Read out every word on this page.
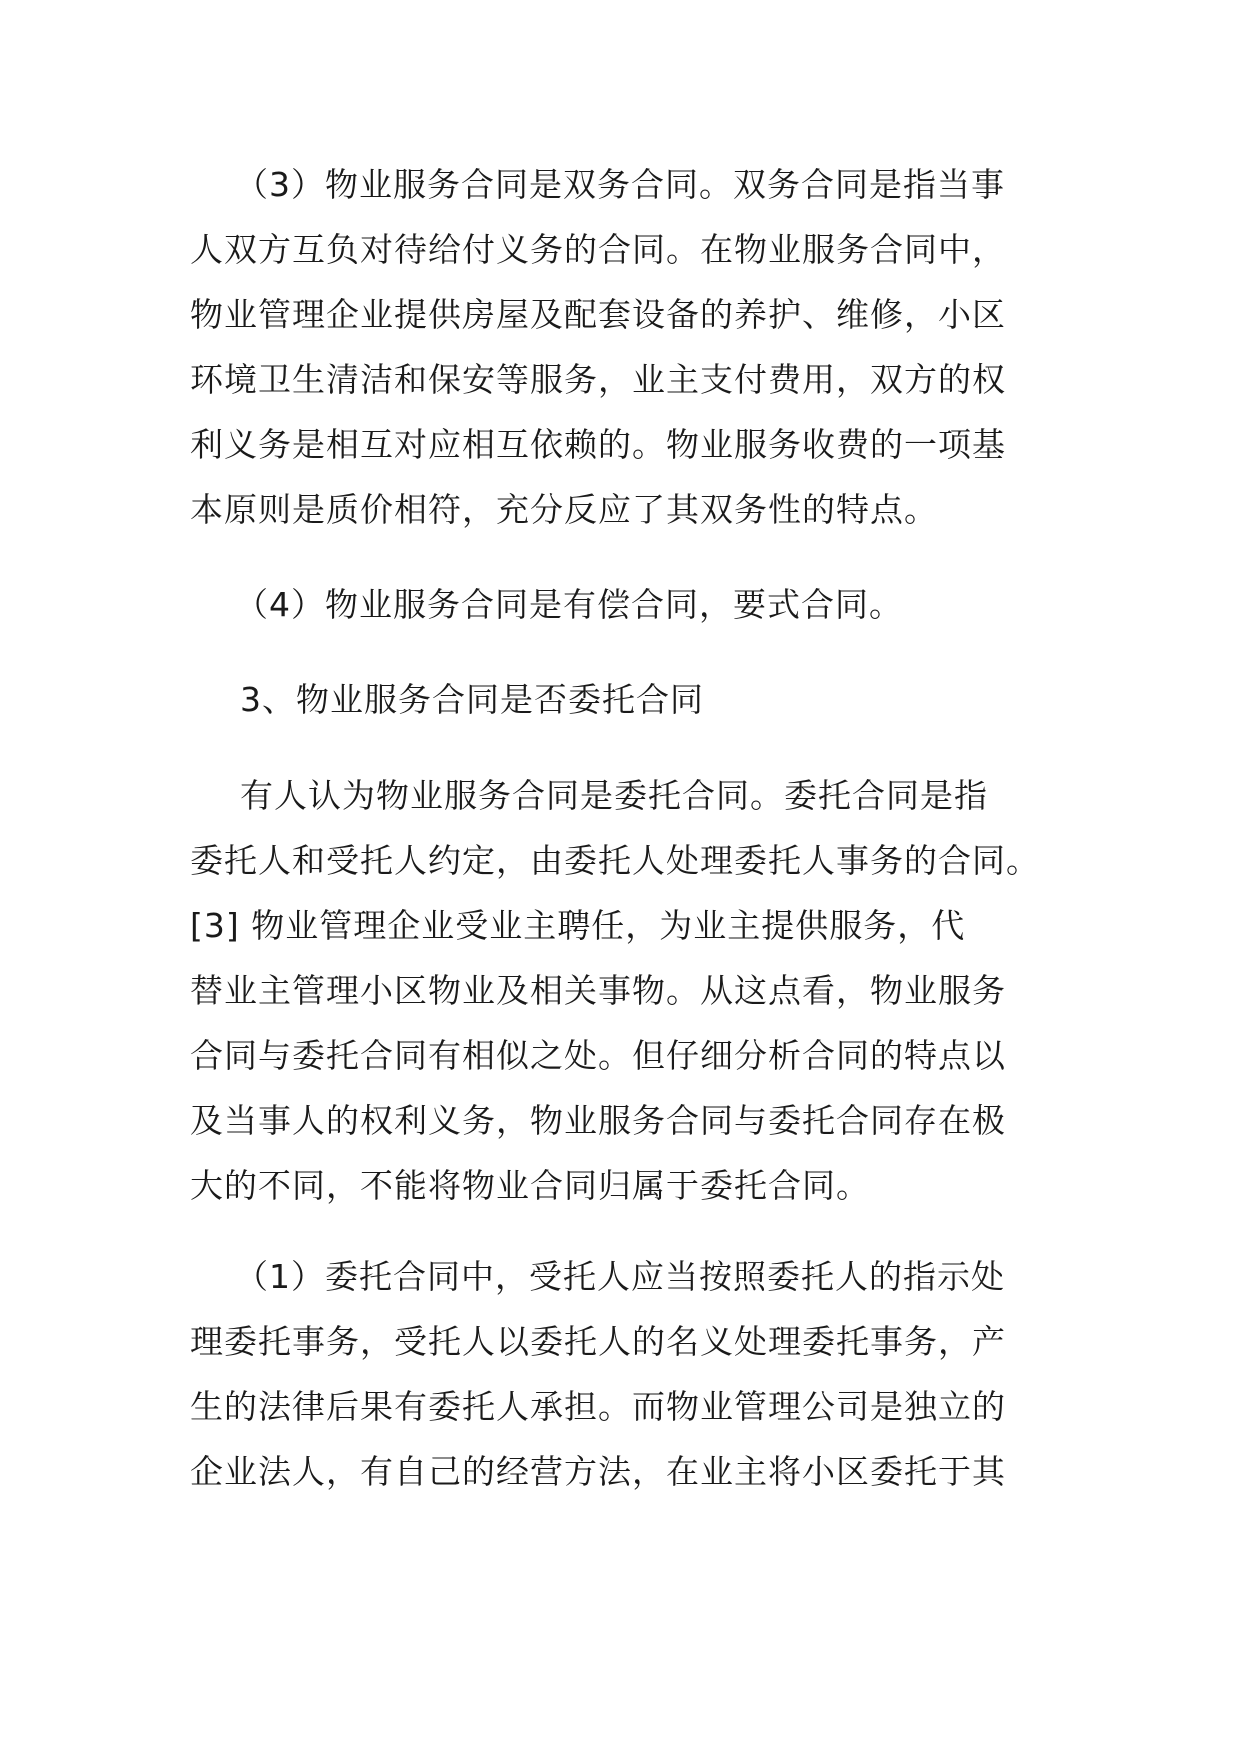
（3）物业服务合同是双务合同。双务合同是指当事
人双方互负对待给付义务的合同。在物业服务合同中，
物业管理企业提供房屋及配套设备的养护、维修，小区
环境卫生清洁和保安等服务，业主支付费用，双方的权
利义务是相互对应相互依赖的。物业服务收费的一项基
本原则是质价相符，充分反应了其双务性的特点。
（4）物业服务合同是有偿合同，要式合同。
3、物业服务合同是否委托合同
有人认为物业服务合同是委托合同。委托合同是指
委托人和受托人约定，由委托人处理委托人事务的合同。
[3] 物业管理企业受业主聘任，为业主提供服务，代
替业主管理小区物业及相关事物。从这点看，物业服务
合同与委托合同有相似之处。但仔细分析合同的特点以
及当事人的权利义务，物业服务合同与委托合同存在极
大的不同，不能将物业合同归属于委托合同。
（1）委托合同中，受托人应当按照委托人的指示处
理委托事务，受托人以委托人的名义处理委托事务，产
生的法律后果有委托人承担。而物业管理公司是独立的
企业法人，有自己的经营方法，在业主将小区委托于其
